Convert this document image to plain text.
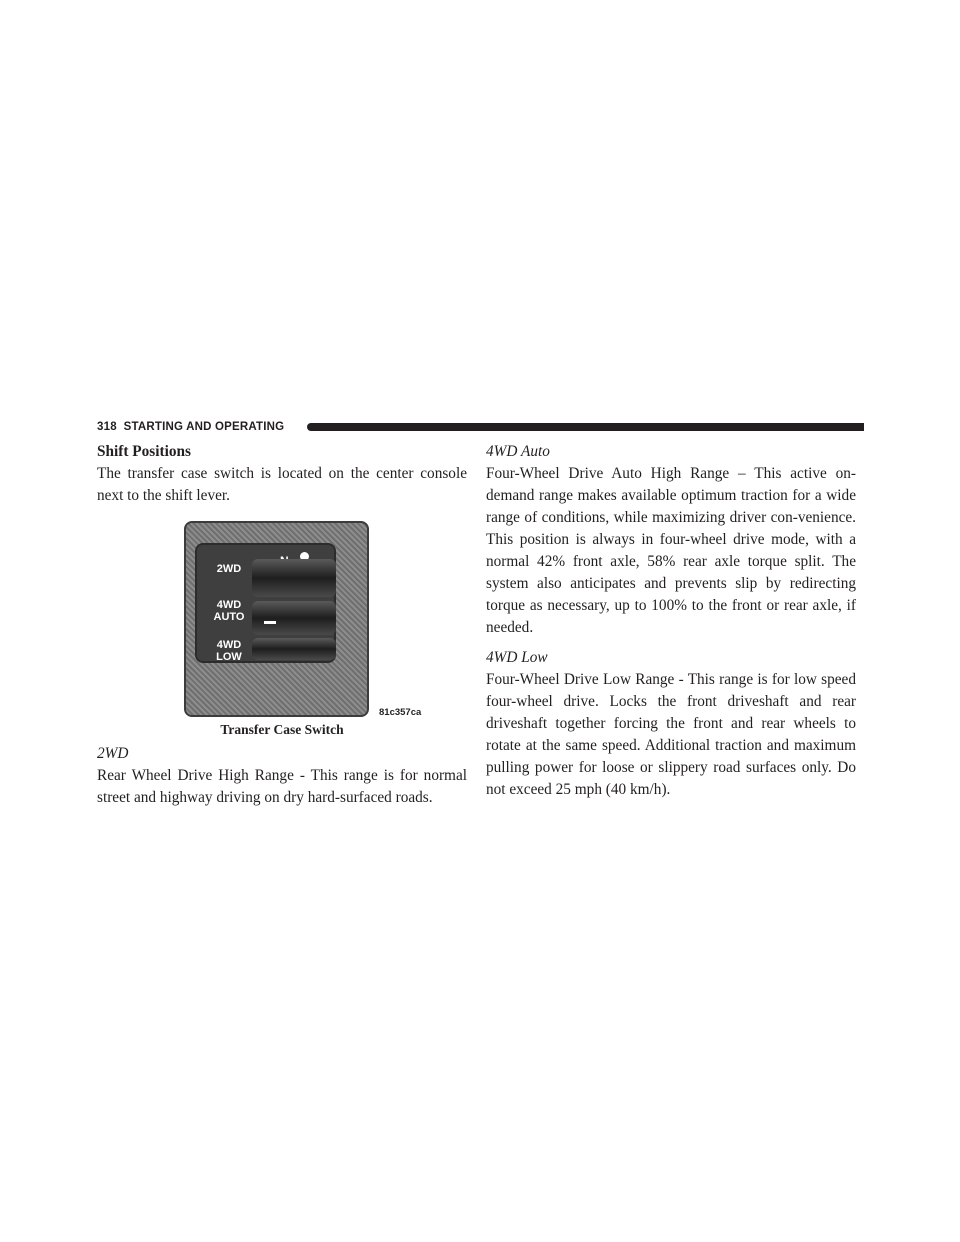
318 STARTING AND OPERATING
Shift Positions

The transfer case switch is located on the center console next to the shift lever.

2WD
4WD
AUTO
4WD
LOW
81c357ca
Transfer Case Switch
2WD

Rear Wheel Drive High Range - This range is for normal street and highway driving on dry hard-surfaced roads.

4WD Auto

Four-Wheel Drive Auto High Range – This active on-demand range makes available optimum traction for a wide range of conditions, while maximizing driver con-venience. This position is always in four-wheel drive mode, with a normal 42% front axle, 58% rear axle torque split. The system also anticipates and prevents slip by redirecting torque as necessary, up to 100% to the front or rear axle, if needed.

4WD Low

Four-Wheel Drive Low Range - This range is for low speed four-wheel drive. Locks the front driveshaft and rear driveshaft together forcing the front and rear wheels to rotate at the same speed. Additional traction and maximum pulling power for loose or slippery road surfaces only. Do not exceed 25 mph (40 km/h).
